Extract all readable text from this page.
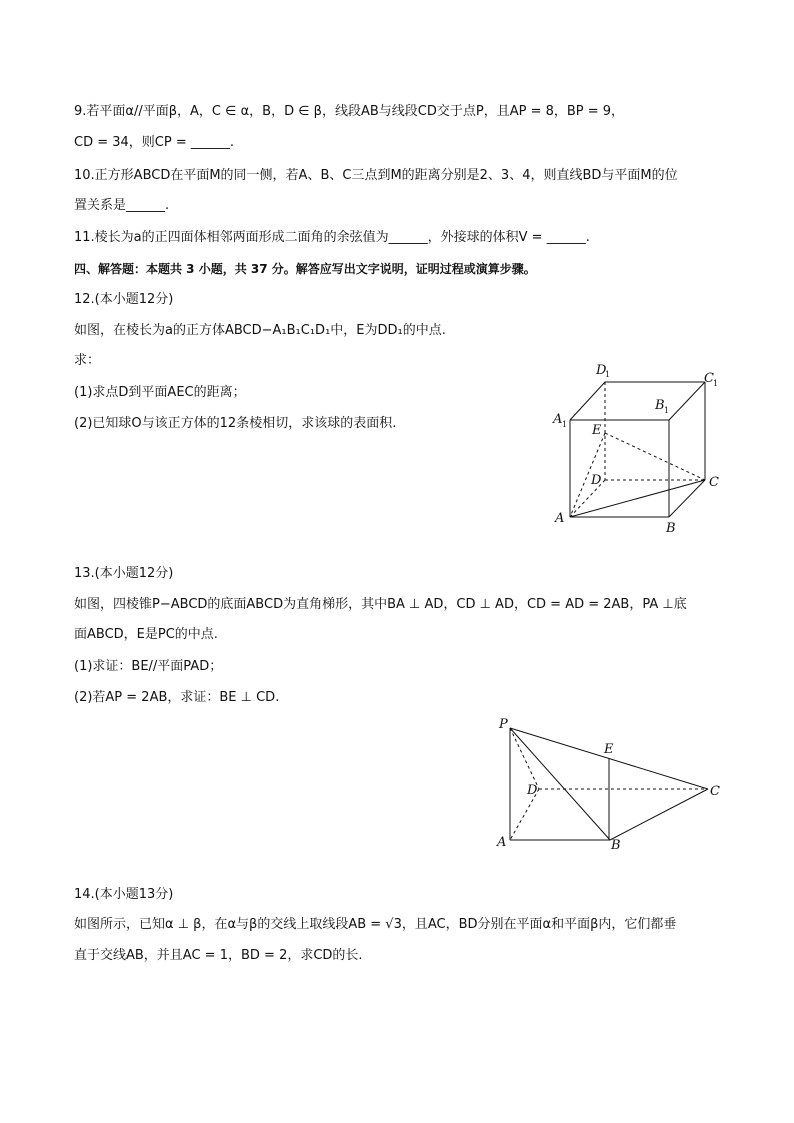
9.若平面α//平面β，A，C ∈ α，B，D ∈ β，线段AB与线段CD交于点P，且AP = 8，BP = 9，
CD = 34，则CP = ______.
10.正方形ABCD在平面M的同一侧，若A、B、C三点到M的距离分别是2、3、4，则直线BD与平面M的位
置关系是______.
11.棱长为a的正四面体相邻两面形成二面角的余弦值为______，外接球的体积V = ______.
四、解答题：本题共 3 小题，共 37 分。解答应写出文字说明，证明过程或演算步骤。
12.(本小题12分)
如图，在棱长为a的正方体ABCD−A₁B₁C₁D₁中，E为DD₁的中点.
求：
(1)求点D到平面AEC的距离；
(2)已知球O与该正方体的12条棱相切，求该球的表面积.
D
1	C 1
B 1
A 1 E
D	C
A
B
13.(本小题12分)
如图，四棱锥P−ABCD的底面ABCD为直角梯形，其中BA ⊥ AD，CD ⊥ AD，CD = AD = 2AB，PA ⊥底
面ABCD，E是PC的中点.
(1)求证：BE//平面PAD；
(2)若AP = 2AB，求证：BE ⊥ CD.
P
E
D	C
A	B
14.(本小题13分)
如图所示，已知α ⊥ β，在α与β的交线上取线段AB = √3，且AC，BD分别在平面α和平面β内，它们都垂
直于交线AB，并且AC = 1，BD = 2，求CD的长.
